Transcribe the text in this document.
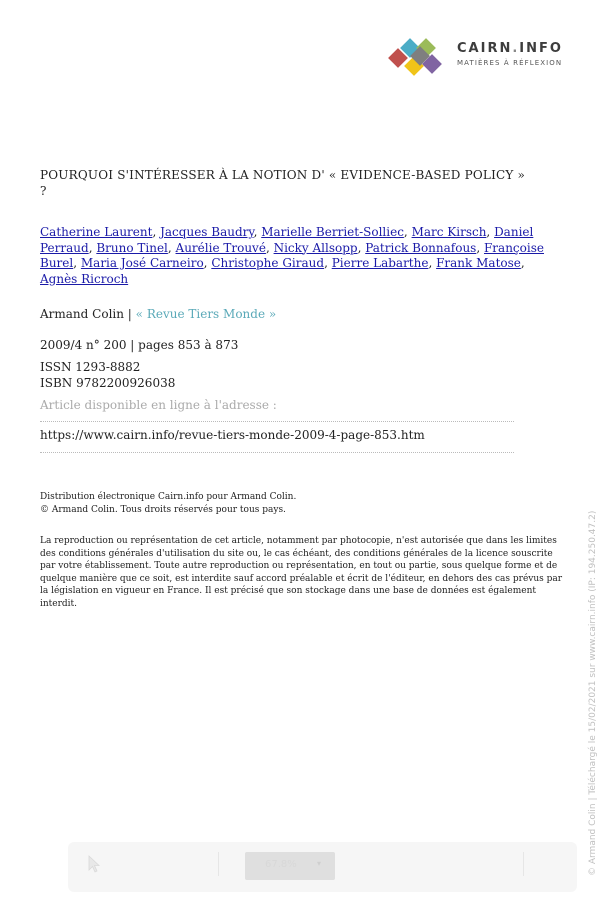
CAIRN.INFO
MATIÈRES À RÉFLEXION
POURQUOI S'INTÉRESSER À LA NOTION D' « EVIDENCE-BASED POLICY » ?
Catherine Laurent, Jacques Baudry, Marielle Berriet-Solliec, Marc Kirsch, Daniel Perraud, Bruno Tinel, Aurélie Trouvé, Nicky Allsopp, Patrick Bonnafous, Françoise Burel, Maria José Carneiro, Christophe Giraud, Pierre Labarthe, Frank Matose, Agnès Ricroch
Armand Colin | « Revue Tiers Monde »
2009/4 n° 200 | pages 853 à 873
ISSN 1293-8882
ISBN 9782200926038
Article disponible en ligne à l'adresse :
https://www.cairn.info/revue-tiers-monde-2009-4-page-853.htm
Distribution électronique Cairn.info pour Armand Colin.
© Armand Colin. Tous droits réservés pour tous pays.
La reproduction ou représentation de cet article, notamment par photocopie, n'est autorisée que dans les limites des conditions générales d'utilisation du site ou, le cas échéant, des conditions générales de la licence souscrite par votre établissement. Toute autre reproduction ou représentation, en tout ou partie, sous quelque forme et de quelque manière que ce soit, est interdite sauf accord préalable et écrit de l'éditeur, en dehors des cas prévus par la législation en vigueur en France. Il est précisé que son stockage dans une base de données est également interdit.	© Armand Colin | Téléchargé le 15/02/2021 sur www.cairn.info (IP: 194.250.47.2)
67.8%	▾
